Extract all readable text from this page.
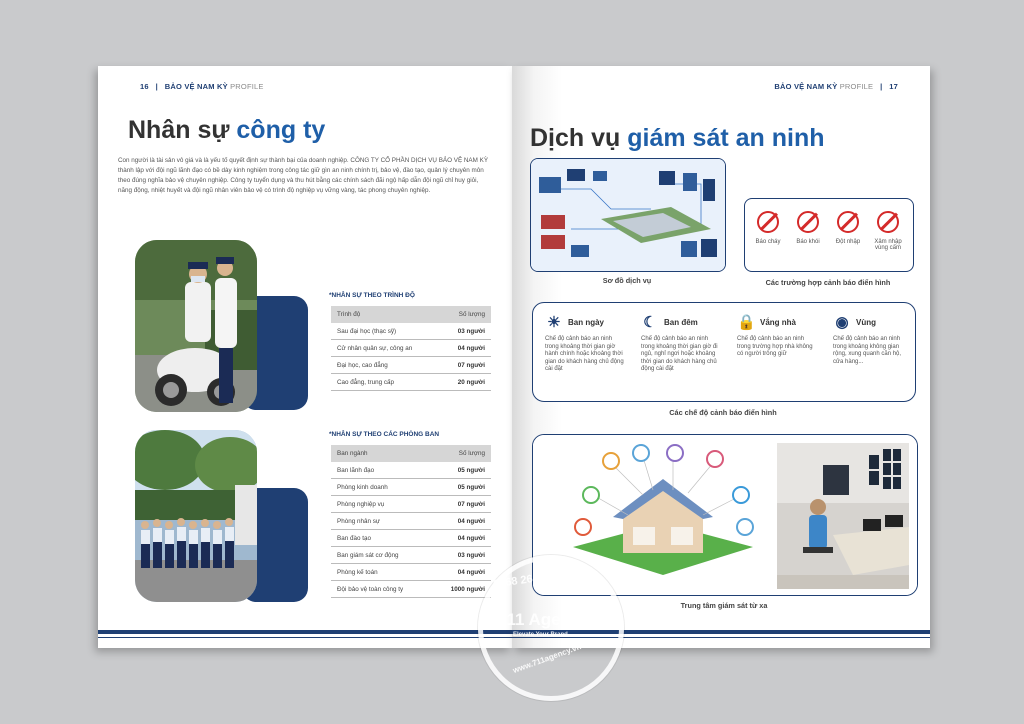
16   |   BẢO VỆ NAM KỲ PROFILE
Nhân sự công ty
Con người là tài sản vô giá và là yếu tố quyết định sự thành bại của doanh nghiệp. CÔNG TY CỔ PHẦN DỊCH VỤ BẢO VỆ NAM KỲ thành lập với đội ngũ lãnh đạo có bề dày kinh nghiệm trong công tác giữ gìn an ninh chính trị, bảo vệ, đào tạo, quản lý chuyên môn theo đúng nghĩa bảo vệ chuyên nghiệp. Công ty tuyển dụng và thu hút bằng các chính sách đãi ngộ hấp dẫn đội ngũ chỉ huy giỏi, năng động, nhiệt huyết và đội ngũ nhân viên bảo vệ có trình độ nghiệp vụ vững vàng, tác phong chuyên nghiệp.
*NHÂN SỰ THEO TRÌNH ĐỘ
Trình độ	Số lượng
Sau đại học (thạc sỹ)	03 người
Cử nhân quân sự, công an	04 người
Đại học, cao đẳng	07 người
Cao đẳng, trung cấp	20 người
*NHÂN SỰ THEO CÁC PHÒNG BAN
Ban ngành	Số lượng
Ban lãnh đạo	05 người
Phòng kinh doanh	05 người
Phòng nghiệp vụ	07 người
Phòng nhân sự	04 người
Ban đào tạo	04 người
Ban giám sát cơ động	03 người
Phòng kế toán	04 người
Đội bảo vệ toàn công ty	1000 người
BẢO VỆ NAM KỲ PROFILE   |   17
Dịch vụ giám sát an ninh
Sơ đồ dịch vụ
Báo cháy	Báo khói	Đột nhập	Xâm nhập vùng cấm
Các trường hợp cảnh báo điển hình
☀ Ban ngày
Chế độ cảnh báo an ninh trong khoảng thời gian giờ hành chính hoặc khoảng thời gian do khách hàng chủ động cài đặt
☾ Ban đêm
Chế độ cảnh báo an ninh trong khoảng thời gian giờ đi ngủ, nghỉ ngơi hoặc khoảng thời gian do khách hàng chủ động cài đặt
🔒 Vắng nhà
Chế độ cảnh báo an ninh trong trường hợp nhà không có người trông giữ
◉ Vùng
Chế độ cảnh báo an ninh trong khoảng không gian rộng, xung quanh căn hộ, cửa hàng...
Các chế độ cảnh báo điển hình
Trung tâm giám sát từ xa
0968 266 711
711 Agency
Elevate Your Brand
www.711agency.vn
